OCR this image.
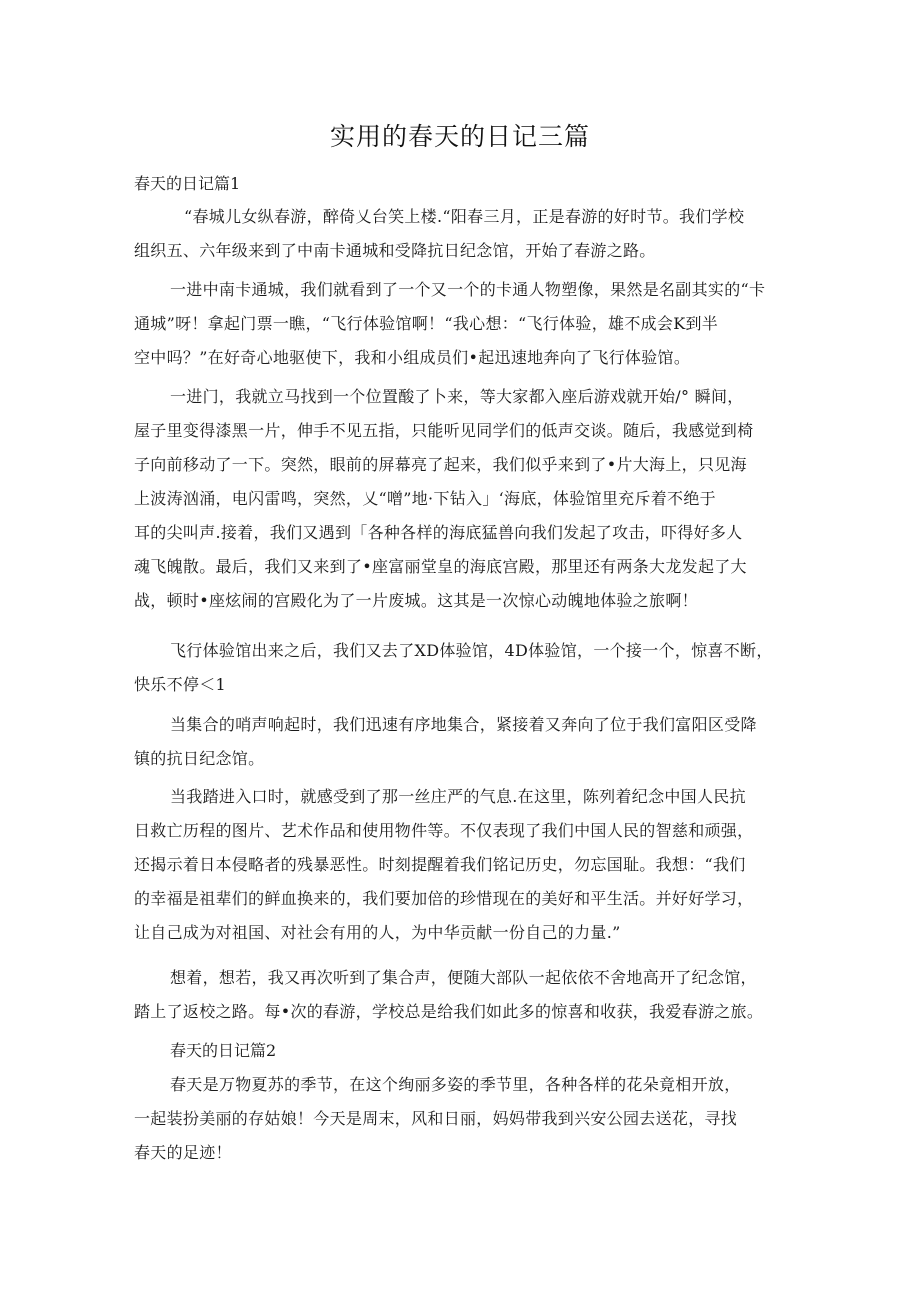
实用的春天的日记三篇

春天的日记篇1

“春城儿女纵春游，醉倚乂台笑上楼.“阳春三月，正是春游的好时节。我们学校
组织五、六年级来到了中南卡通城和受降抗日纪念馆，开始了春游之路。

一进中南卡通城，我们就看到了一个又一个的卡通人物塑像，果然是名副其实的“卡
通城”呀！拿起门票一瞧，“飞行体验馆啊！“我心想：“飞行体验，雄不成会K到半
空中吗？”在好奇心地驱使下，我和小组成员们•起迅速地奔向了飞行体验馆。

一进门，我就立马找到一个位置酸了卜来，等大家都入座后游戏就开始/° 瞬间，
屋子里变得漆黑一片，伸手不见五指，只能听见同学们的低声交谈。随后，我感觉到椅
子向前移动了一下。突然，眼前的屏幕亮了起来，我们似乎来到了•片大海上，只见海
上波涛汹涌，电闪雷鸣，突然，乂“噌”地·下钻入」‘海底，体验馆里充斥着不绝于
耳的尖叫声.接着，我们又遇到「各种各样的海底猛兽向我们发起了攻击，吓得好多人
魂飞魄散。最后，我们又来到了•座富丽堂皇的海底宫殿，那里还有两条大龙发起了大
战，顿时•座炫闹的宫殿化为了一片废城。这其是一次惊心动魄地体验之旅啊！

飞行体验馆出来之后，我们又去了XD体验馆，4D体验馆，一个接一个，惊喜不断，
快乐不停＜1

当集合的哨声响起时，我们迅速有序地集合，紧接着又奔向了位于我们富阳区受降
镇的抗日纪念馆。

当我踏进入口时，就感受到了那一丝庄严的气息.在这里，陈列着纪念中国人民抗
日救亡历程的图片、艺术作品和使用物件等。不仅表现了我们中国人民的智慈和顽强，
还揭示着日本侵略者的残暴恶性。时刻提醒着我们铭记历史，勿忘国耻。我想：“我们
的幸福是祖辈们的鲜血换来的，我们要加倍的珍惜现在的美好和平生活。并好好学习，
让自己成为对祖国、对社会有用的人，为中华贡献一份自己的力量.”

想着，想若，我又再次听到了集合声，便随大部队一起依依不舍地高开了纪念馆，
踏上了返校之路。每•次的春游，学校总是给我们如此多的惊喜和收获，我爱春游之旅。

春天的日记篇2

春天是万物夏苏的季节，在这个绚丽多姿的季节里，各种各样的花朵竟相开放，
一起装扮美丽的存姑娘！今天是周末，风和日丽，妈妈带我到兴安公园去送花，寻找
春天的足迹！
